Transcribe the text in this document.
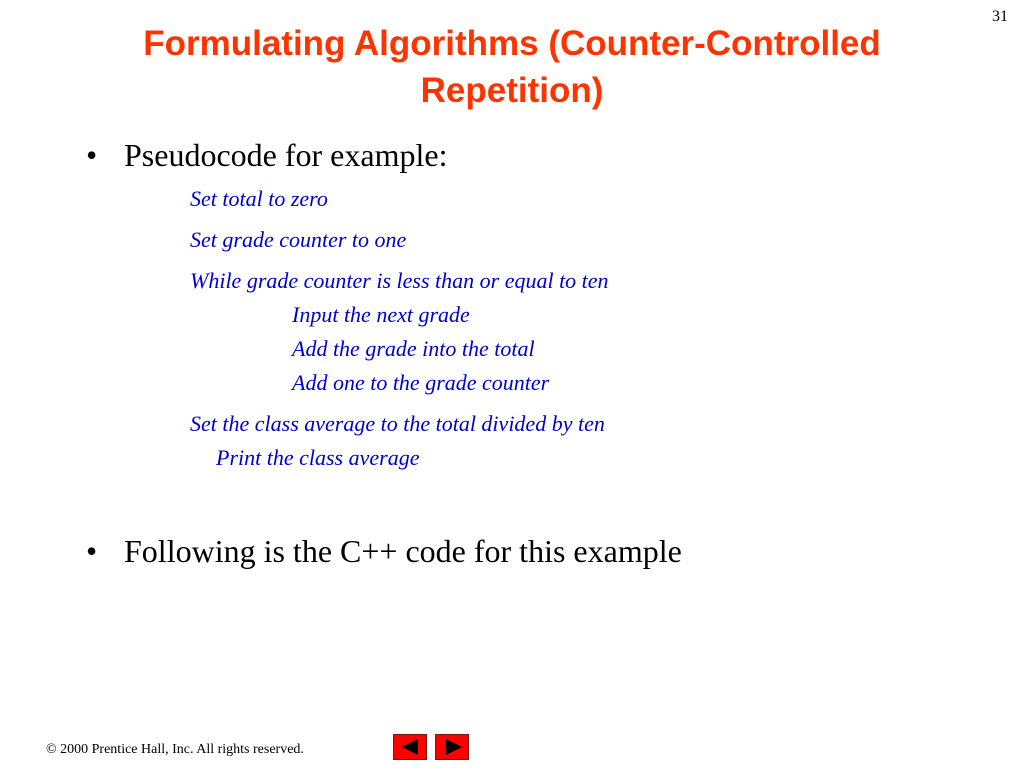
31
Formulating Algorithms (Counter-Controlled
Repetition)
• Pseudocode for example:
Set total to zero
Set grade counter to one
While grade counter is less than or equal to ten
Input the next grade
Add the grade into the total
Add one to the grade counter
Set the class average to the total divided by ten
Print the class average
• Following is the C++ code for this example
© 2000 Prentice Hall, Inc. All rights reserved.
